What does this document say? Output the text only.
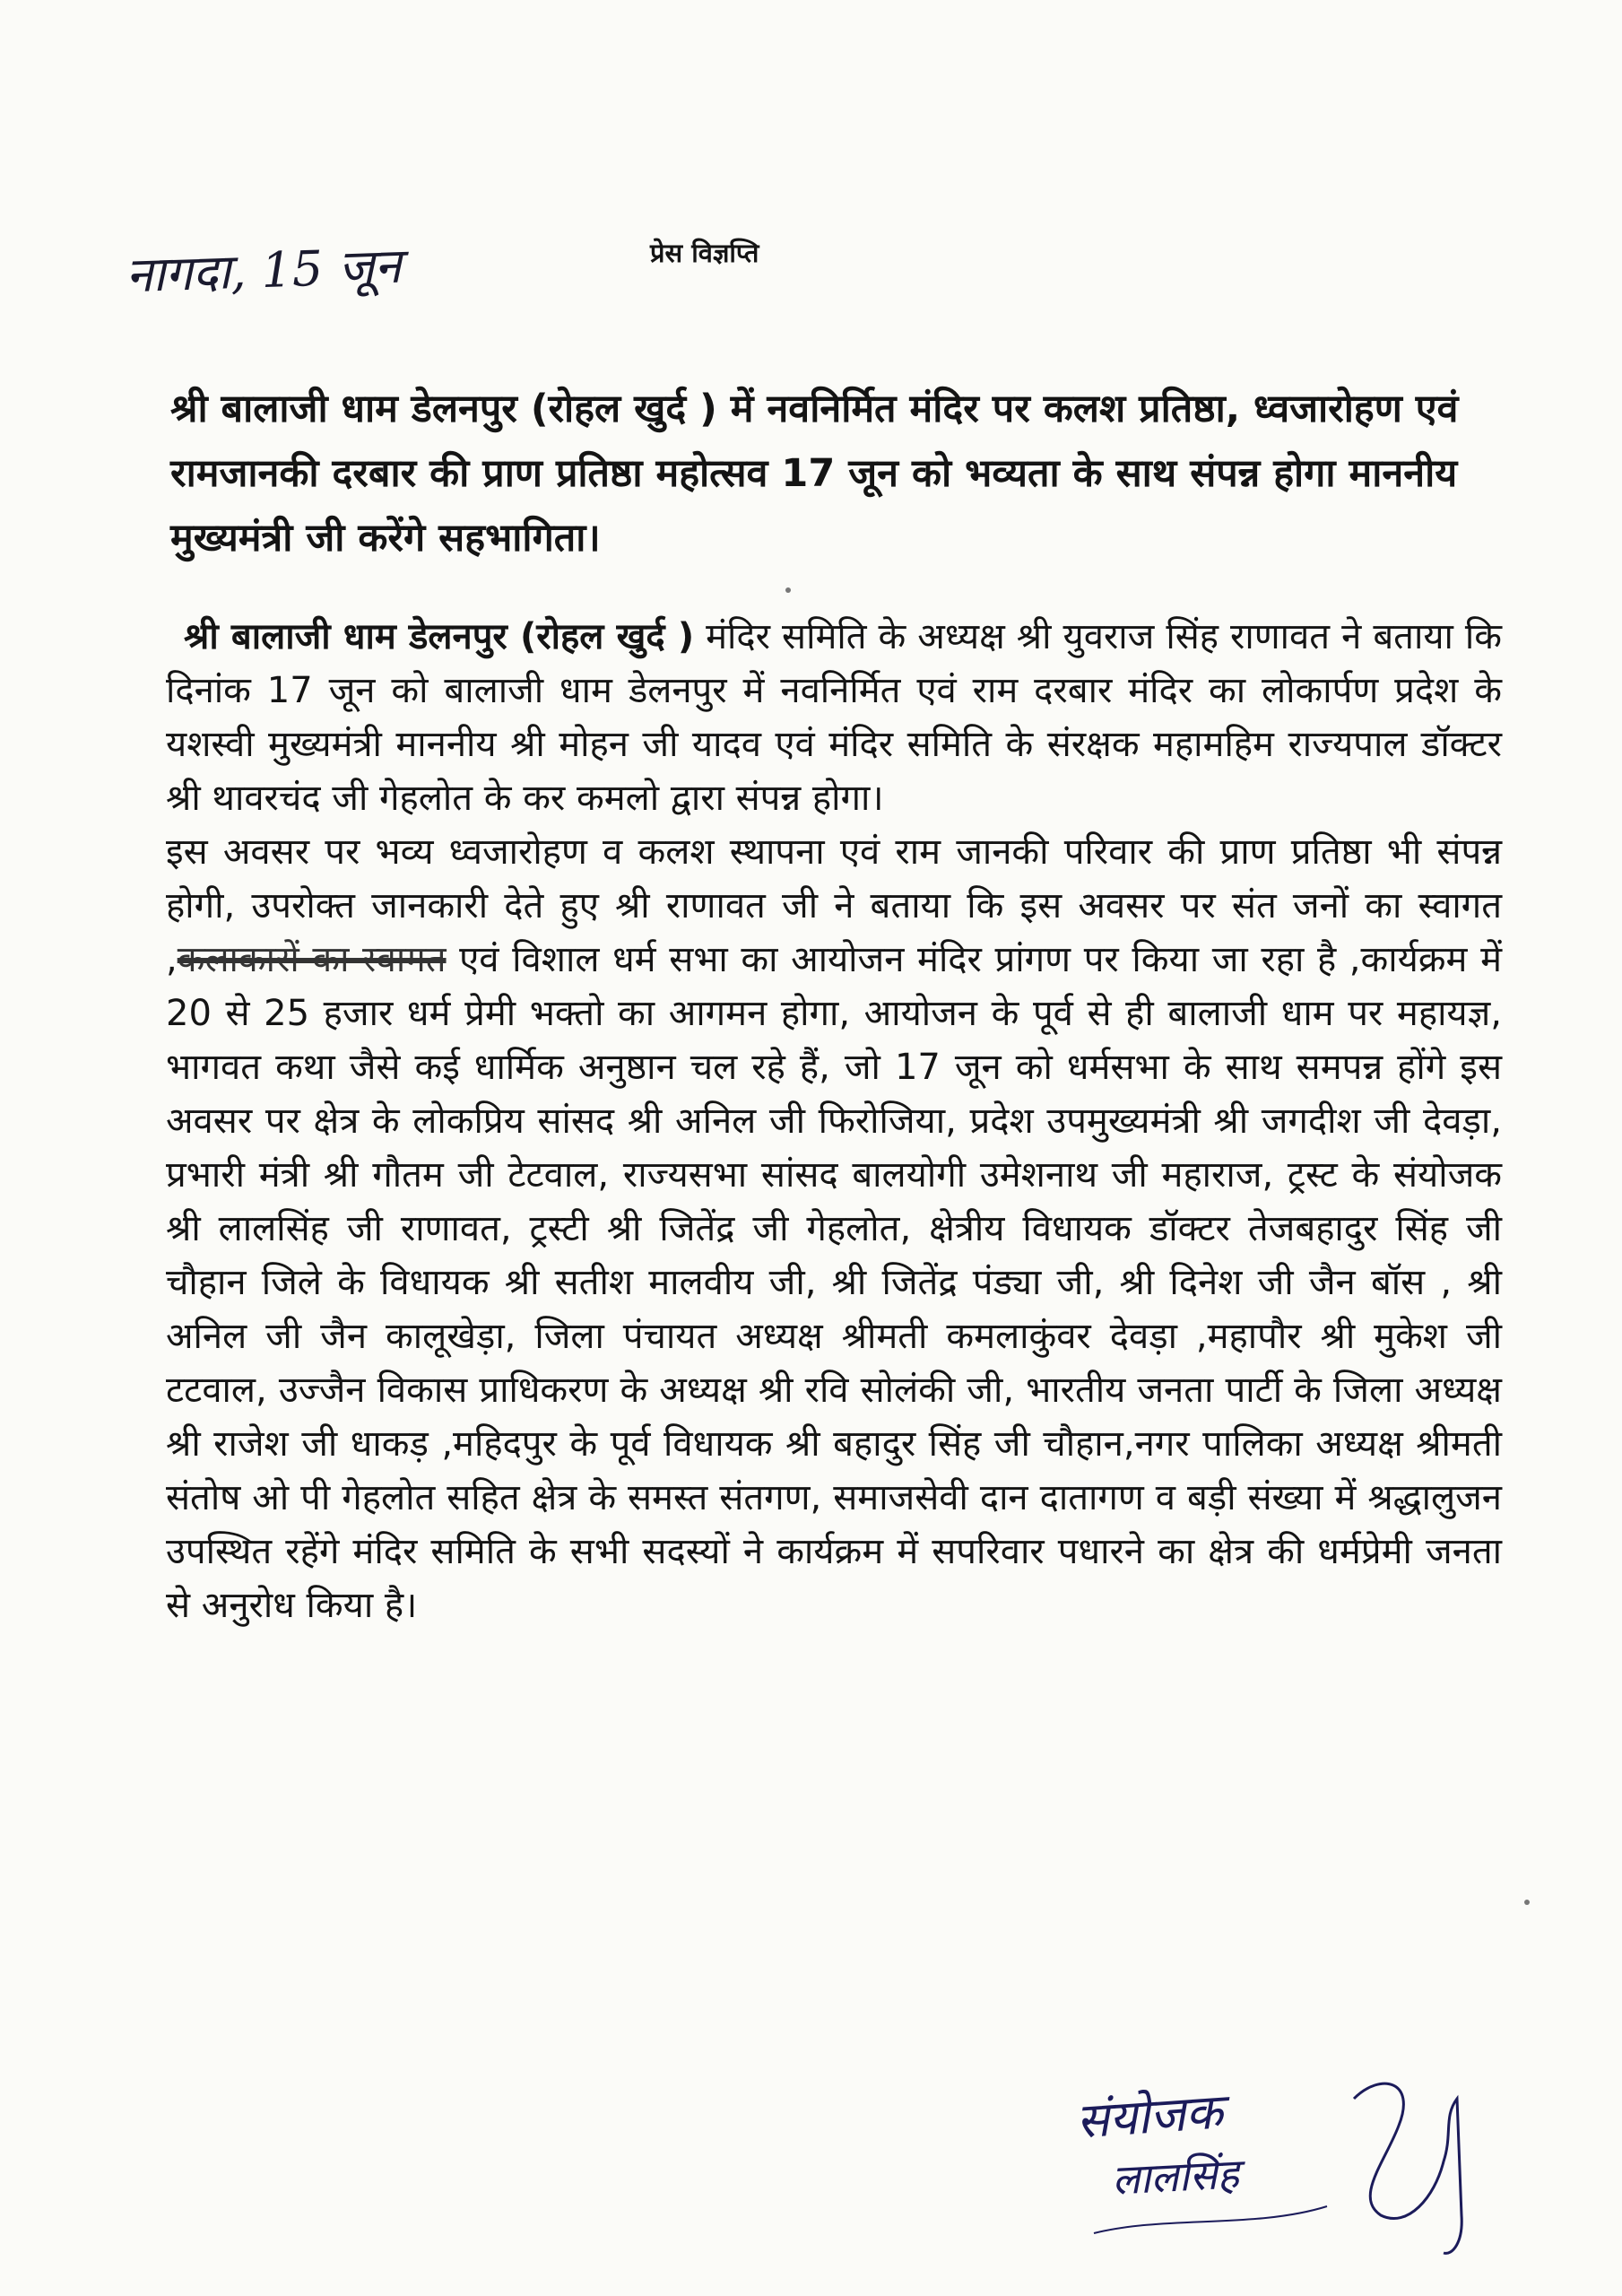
नागदा, 15 जून	प्रेस विज्ञप्ति

श्री बालाजी धाम डेलनपुर (रोहल खुर्द ) में नवनिर्मित मंदिर पर कलश प्रतिष्ठा, ध्वजारोहण एवं रामजानकी दरबार की प्राण प्रतिष्ठा महोत्सव 17 जून को भव्यता के साथ संपन्न होगा माननीय मुख्यमंत्री जी करेंगे सहभागिता।

श्री बालाजी धाम डेलनपुर (रोहल खुर्द ) मंदिर समिति के अध्यक्ष श्री युवराज सिंह राणावत ने बताया कि दिनांक 17 जून को बालाजी धाम डेलनपुर में नवनिर्मित एवं राम दरबार मंदिर का लोकार्पण प्रदेश के यशस्वी मुख्यमंत्री माननीय श्री मोहन जी यादव एवं मंदिर समिति के संरक्षक महामहिम राज्यपाल डॉक्टर श्री थावरचंद जी गेहलोत के कर कमलो द्वारा संपन्न होगा।

इस अवसर पर भव्य ध्वजारोहण व कलश स्थापना एवं राम जानकी परिवार की प्राण प्रतिष्ठा भी संपन्न होगी, उपरोक्त जानकारी देते हुए श्री राणावत जी ने बताया कि इस अवसर पर संत जनों का स्वागत ,कलाकारों का स्वागत एवं विशाल धर्म सभा का आयोजन मंदिर प्रांगण पर किया जा रहा है ,कार्यक्रम में 20 से 25 हजार धर्म प्रेमी भक्तो का आगमन होगा, आयोजन के पूर्व से ही बालाजी धाम पर महायज्ञ, भागवत कथा जैसे कई धार्मिक अनुष्ठान चल रहे हैं, जो 17 जून को धर्मसभा के साथ समपन्न होंगे इस अवसर पर क्षेत्र के लोकप्रिय सांसद श्री अनिल जी फिरोजिया, प्रदेश उपमुख्यमंत्री श्री जगदीश जी देवड़ा, प्रभारी मंत्री श्री गौतम जी टेटवाल, राज्यसभा सांसद बालयोगी उमेशनाथ जी महाराज, ट्रस्ट के संयोजक श्री लालसिंह जी राणावत, ट्रस्टी श्री जितेंद्र जी गेहलोत, क्षेत्रीय विधायक डॉक्टर तेजबहादुर सिंह जी चौहान जिले के विधायक श्री सतीश मालवीय जी, श्री जितेंद्र पंड्या जी, श्री दिनेश जी जैन बॉस , श्री अनिल जी जैन कालूखेड़ा, जिला पंचायत अध्यक्ष श्रीमती कमलाकुंवर देवड़ा ,महापौर श्री मुकेश जी टटवाल, उज्जैन विकास प्राधिकरण के अध्यक्ष श्री रवि सोलंकी जी, भारतीय जनता पार्टी के जिला अध्यक्ष श्री राजेश जी धाकड़ ,महिदपुर के पूर्व विधायक श्री बहादुर सिंह जी चौहान,नगर पालिका अध्यक्ष श्रीमती संतोष ओ पी गेहलोत सहित क्षेत्र के समस्त संतगण, समाजसेवी दान दातागण व बड़ी संख्या में श्रद्धालुजन उपस्थित रहेंगे मंदिर समिति के सभी सदस्यों ने कार्यक्रम में सपरिवार पधारने का क्षेत्र की धर्मप्रेमी जनता से अनुरोध किया है।

संयोजक
लालसिंह
